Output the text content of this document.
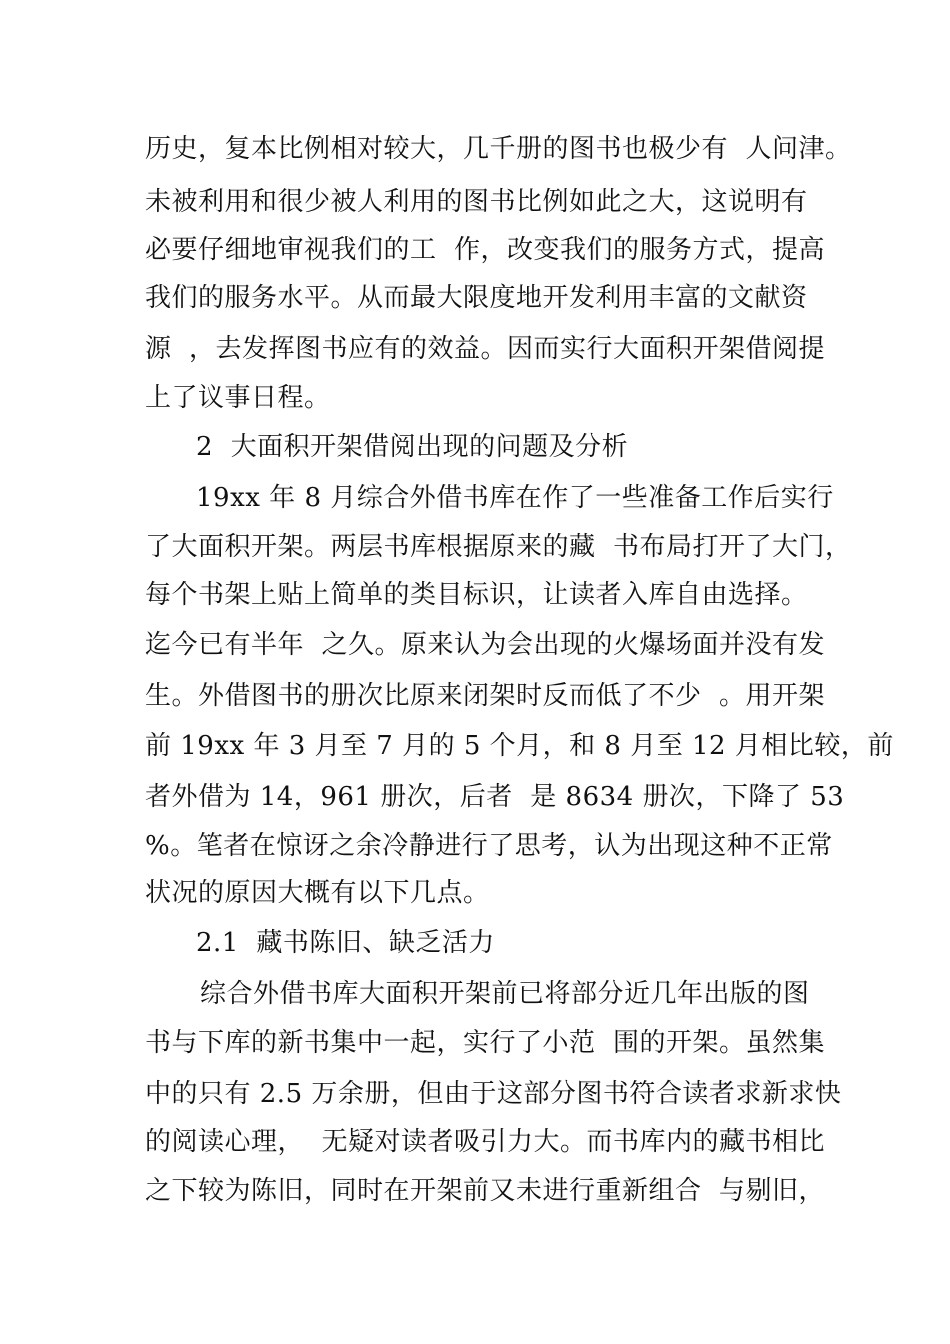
历史，复本比例相对较大，几千册的图书也极少有  人问津。
未被利用和很少被人利用的图书比例如此之大，这说明有
必要仔细地审视我们的工  作，改变我们的服务方式，提高
我们的服务水平。从而最大限度地开发利用丰富的文献资
源  ，去发挥图书应有的效益。因而实行大面积开架借阅提
上了议事日程。
2  大面积开架借阅出现的问题及分析
19xx 年 8 月综合外借书库在作了一些准备工作后实行
了大面积开架。两层书库根据原来的藏  书布局打开了大门，
每个书架上贴上简单的类目标识，让读者入库自由选择。
迄今已有半年  之久。原来认为会出现的火爆场面并没有发
生。外借图书的册次比原来闭架时反而低了不少  。用开架
前 19xx 年 3 月至 7 月的 5 个月，和 8 月至 12 月相比较，前
者外借为 14，961 册次，后者  是 8634 册次，下降了 53
%。笔者在惊讶之余冷静进行了思考，认为出现这种不正常
状况的原因大概有以下几点。
2.1  藏书陈旧、缺乏活力
综合外借书库大面积开架前已将部分近几年出版的图
书与下库的新书集中一起，实行了小范  围的开架。虽然集
中的只有 2.5 万余册，但由于这部分图书符合读者求新求快
的阅读心理，  无疑对读者吸引力大。而书库内的藏书相比
之下较为陈旧，同时在开架前又未进行重新组合  与剔旧，
